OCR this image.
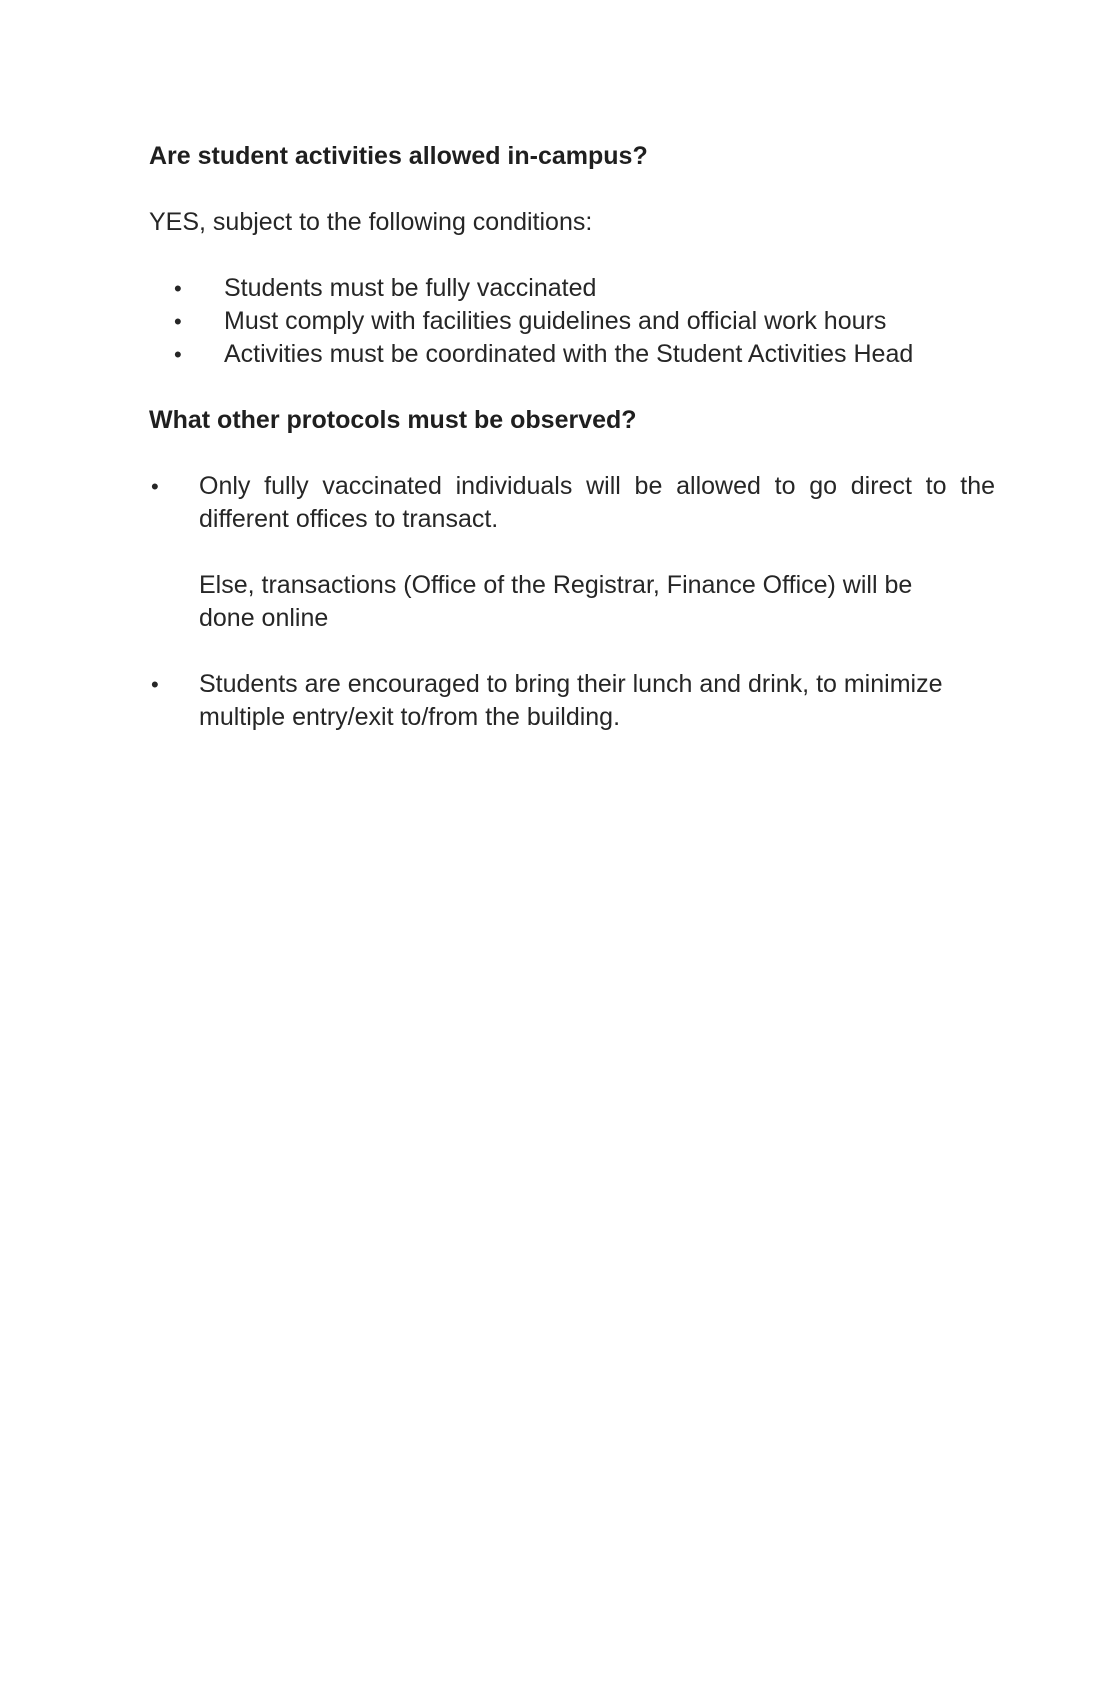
Are student activities allowed in-campus?

YES, subject to the following conditions:

• Students must be fully vaccinated
• Must comply with facilities guidelines and official work hours
• Activities must be coordinated with the Student Activities Head
What other protocols must be observed?
• Only fully vaccinated individuals will be allowed to go direct to the
different offices to transact.
Else, transactions (Office of the Registrar, Finance Office) will be
done online
• Students are encouraged to bring their lunch and drink, to minimize
multiple entry/exit to/from the building.
